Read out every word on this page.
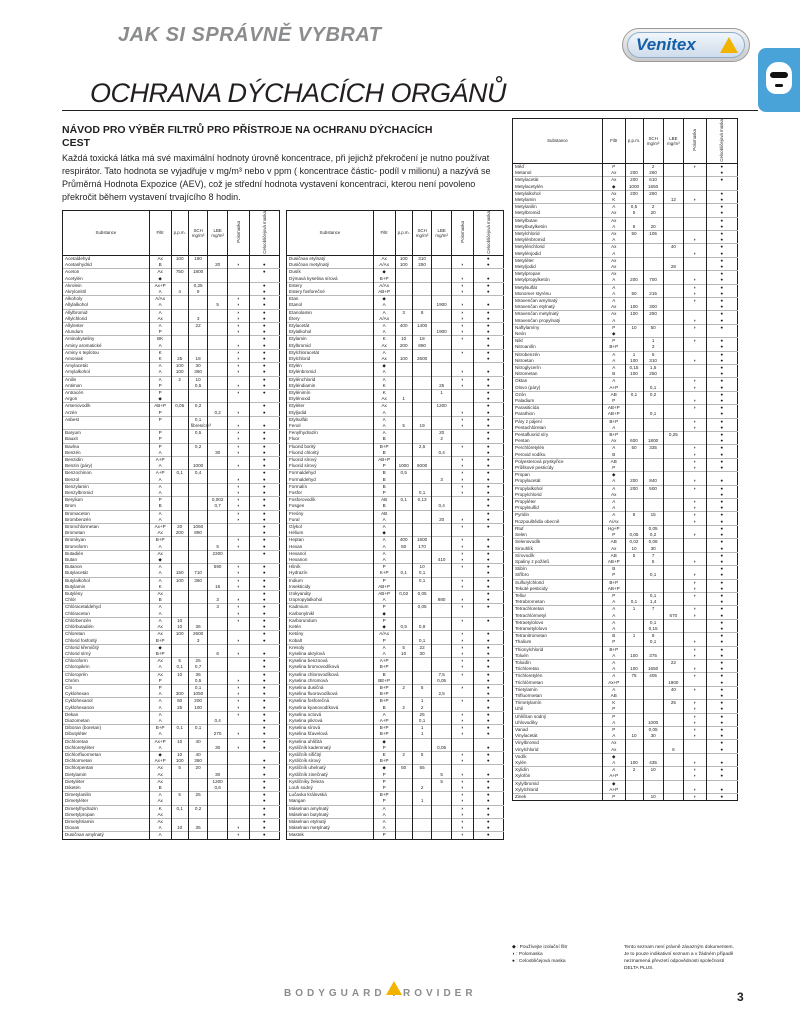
JAK SI SPRÁVNĚ VYBRAT	Venitex
OCHRANA DÝCHACÍCH ORGÁNŮ
NÁVOD PRO VÝBĚR FILTRŮ PRO PŘÍSTROJE NA OCHRANU DÝCHACÍCH CEST
Každá toxická látka má své maximální hodnoty úrovně koncentrace, při jejichž překročení je nutno používat respirátor. Tato hodnota se vyjadřuje v mg/m³ nebo v ppm ( koncentrace částic- podíl v milionu) a nazývá se Průměrná Hodnota Expozice (AEV), což je střední hodnota vystavení koncentraci, kterou není povoleno překročit během vystavení trvajícího 8 hodin.
Substance	Filtr	p.p.m.	SCH mg/m³	LBE mg/m³	Polomaska	Celoobličejová maska
Acetaldehyd	Ax	100	180			
Acetanhydrid	B			20	◗	●
Aceton	Ax	750	1800			●
Acetylén	◆					
Akrolein	Ax+P		0,25			●
Akrylonitril	A	4	9			●
Alkoholy	A/Ax				◗	●
Allylalkohol	A			5	◗	●
Allylbromid	A				◗	●
Allylchlorid	Ax		3		◗	●
Allylester	A		22		◗	●
Alundum	P				◗	●
Aminokyseliny	BK					●
Aminy aromatické	A				◗	●
Aminy s teplotou	K				◗	●
Amoniak	K	25	18		◗	●
Amylacetát	A	100	30		◗	●
Amylalkohol	A	100	360		◗	●
Anilin	A	2	10			●
Antimon	P		0,5		◗	●
Antracén	P				◗	●
Argon	◆					
Arsenovodík	AB+P	0,05	0,2			●
Arzén	P			0,2	◗	●
Asbest	P		0,1			
			fibres/cm³		◗	●
Baryum	P		0,5		◗	●
Bauxit	P				◗	●
Bavlna	P		0,2		◗	●
Benzén	A			30	◗	●
Benzidin	A+P					●
Benzin (páry)	A		1000		◗	●
Benzochinon	A+P	0,1	0,4			●
Benzol	A				◗	●
Benzylamin	A				◗	●
Benzylbromid	A				◗	●
Berylium	P			0,002	◗	●
Brom	B			0,7	◗	●
Bromaceton	A				◗	●
Brombenzén	A				◗	●
Bromchlormetan	Ax+P	20	1050			●
Brometan	Ax	200	890			●
Bromkyan	B+P				◗	●
Bromoform	A			5	◗	●
Butadién	Ax			2200		●
Butan	◆					
Butanon	A			590	◗	●
Butylacetát	A	150	710		◗	●
Butylalkohol	A	100	360		◗	●
Butylamin	K			15	◗	●
Butylény	Ax					●
Chlór	B			3	◗	●
Chlóracetaldehyd	A			3	◗	●
Chlóraceton	A				◗	●
Chlórbenzén	A	10			◗	●
Chlórbutadién	Ax	10	36			●
Chloretan	Ax	100	2600			●
Chlorid fosforitý	B+P		3		◗	●
Chlorid křemičitý	◆					
Chlorid sírný	B+P			6	◗	●
Chloroform	Ax	5	25			●
Chloropikrin	A	0,1	0,7			●
Chloroprén	Ax	10	36			●
Chróm	P		0,5		◗	●
Cín	P		0,1		◗	●
Cyklohexan	A	300	1050		◗	●
Cyklohexanol	A	50	200		◗	●
Cyklohexanon	A	25	100		◗	●
Dekan	A				◗	●
Diazometan	A			0,4		●
Diboran (boretan)	B+P	0,1	0,1			●
Dibutyléter	A			270	◗	●
Dichloretan	Ax+P	10	40			●
Dichloretyléter	A			30	◗	●
Dichlorfluormetan	◆	10	40			
Dichlormetan	Ax+P	100	360			●
Dichlorpentan	Ax	5	20			●
Dietylamin	Ax			30		●
Dietyléter	Ax			1200		●
Diketén	B			0,6		●
Dimetylanilin	A	5	25			●
Dimetyléter	Ax					●
Dimetylhydrazin	K	0,1	0,2			●
Dimetylpropan	Ax					●
Dimetyltriamin	Ax					●
Dioxan	A	10	35		◗	●
Dusičnan amylnatý	A				◗	●
Substance	Filtr	p.p.m.	SCH mg/m³	LBE mg/m³	Polomaska	Celoobličejová maska
Dusičnan etylnatý	Ax	100	310			●
Dusičnan metylnatý	A/Ax	100	250		◗	●
Dusík	◆					
Dýmavá kyselina sírová	B+P				◗	●
Estery	A/Ax				◗	●
Estery fosforečné	AB+P				◗	●
Etan	◆					
Etanol	A			1900	◗	●
Etanolamin	A	3	8		◗	●
Étery	A/Ax				◗	●
Etylacetát	A	400	1400		◗	●
Etylalkohol	A			1900	◗	●
Etylamin	K	10	18		◗	●
Etylbromid	Ax	200	890			●
Etylchloracetát	A				◗	●
Etylchlorid	Ax	100	2600			●
Etylén	◆					
Etylénbromid	A				◗	●
Etylénchlorid	A				◗	●
Etyléndiamin	K			25	◗	●
Etylénimín	K			1		●
Etylénoxid	Ax	1				●
Etyléter	Ax			1200		●
Etyljodid	A				◗	●
Etylsulfát	A				◗	●
Fenol	A	5	19		◗	●
Fenylhydrazín	A			20		●
Fluor	B			2		●
Fluorid boritý	B+P		2,5		◗	●
Fluorid chloritý	B			0,4		●
Fluorid sírový	AB+P				◗	●
Fluorid sírový	P	1000	6000		◗	●
Formaldehyd	B	0,5			◗	●
Formaldehyd	B			3	◗	●
Formalín	B				◗	●
Fosfor	P		0,1		◗	●
Fosforovodík	AB	0,1	0,13			●
Fosgen	B			0,4		●
Freóny	AB					●
Fural	A			20	◗	●
Glykol	A				◗	●
Hélium	◆					
Heptan	A	400	1600		◗	●
Hexan	A	50	170		◗	●
Hexanol	A				◗	●
Hexanon	A			410	◗	●
Hliník	P		10		◗	●
Hydrazín	K+P	0,1	0,1			●
Indium	P		0,1		◗	●
Insekticidy	AB+P				◗	●
Izokyanáty	AB+P	0,02	0,05			●
Izopropylalkohol	A			980	◗	●
Kadmium	P		0,05		◗	●
Karbonylnikl	◆					
Karborundum	P				◗	●
Ketén	◆	0,5	0,9			
Ketóny	A/Ax				◗	●
Kobalt	P		0,1		◗	●
Kresoly	A	5	22		◗	●
Kyselina akrylová	A	10	30		◗	●
Kyselina benzoová	A+P				◗	●
Kyselina bromovodíková	B+P				◗	●
Kyselina chlorovodíková	B			7,5	◗	●
Kyselina chromová	BE+P			0,05		●
Kyselina dusičná	B+P	2	5		◗	●
Kyselina fluorovodíková	B+P			2,5		●
Kyselina fosforečná	B+P		1		◗	●
Kyselina kyanovodíková	B	2	2			●
Kyselina octová	A		25		◗	●
Kyselina pikrová	A+P		0,1		◗	●
Kyselina sírová	B+P		1		◗	●
Kyselina šťavelová	B+P		1		◗	●
Kyselina uhličitá	◆					
Kysličník kademnatý	P			0,05		●
Kysličník siřičitý	E	2	5		◗	●
Kysličník sírový	B+P				◗	●
Kysličník uhelnatý	◆	50	55			
Kysličník zinečnatý	P			5	◗	●
Kysličníky železa	P			5	◗	●
Louh sodný	P		2		◗	●
Lučavka královská	B+P				◗	●
Mangan	P		1		◗	●
Máselnan amylnatý	A				◗	●
Máselnan butylnatý	A				◗	●
Máselnan etylnatý	A				◗	●
Máselnan metylnatý	A				◗	●
Mastek	P				◗	●
Substance	Filtr	p.p.m.	SCH mg/m³	LBE mg/m³	Polomaska	Celoobličejová maska
Měď	P		2		◗	●
Metanol	Ax	200	260			●
Metylacetát	Ax	200	610			●
Metylacetylén	◆	1000	1650			
Metylalkohol	Ax	200	260			●
Metylamin	K			12	◗	●
Metylanilin	A	0,5	2			●
Metylbromid	Ax	5	20			●
Metylbutan	Ax					●
Metylbutylketón	A	5	20			●
Metylchlorid	Ax	50	105			●
Metylénbromid	A				◗	●
Metylénchlorid	Ax			40		●
Metylénjodid	A				◗	●
Metyléter	Ax					●
Metyljodid	Ax			28		●
Metylpropan	Ax					●
Metylpropylketón	A	200	700		◗	●
Metylsulfát	A				◗	●
Monomer styrénu	A	50	215		◗	●
Mravenčan amylnatý	A				◗	●
Mravenčan etylnatý	Ax	100	300			●
Mravenčan metylnatý	Ax	100	250			●
Mravenčan propylnatý	A				◗	●
Naftylamíny	P	10	50		◗	●
Neón	◆					
Nikl	P		1		◗	●
Nitroanilín	B+P		3			●
Nitrobenzén	A	1	5			●
Nitroetan	A	100	310		◗	●
Nitroglycerín	A	0,15	1,5			●
Nitrometan	B	100	250			●
Oktan	A				◗	●
Olovo (páry)	A+P		0,1		◗	●
Ozón	AB	0,1	0,2			●
Paladium	P				◗	●
Parasiticída	AB+P				◗	●
Parathion	AB+P		0,1			●
Páry z pájení	B+P				◗	●
Pentachlóretan	A				◗	●
Pentafluorid síry	B+P			0,25		●
Pentan	Ax	600	1800			●
Perchlóretylén	A	50	335		◗	●
Peroxid vodíku	B				◗	●
Polyesterová pryskyřice	AB				◗	●
Průškové pesticídy	P				◗	●
Propan	◆					
Propylacetát	A	200	840		◗	●
Propylalkohol	A	200	500		◗	●
Propylchlorid	Ax					●
Propyléter	A				◗	●
Propylsulfid	A				◗	●
Pyridin	A	5	15		◗	●
Rozpouštědla obecně	A/Ax				◗	●
Rtuť	Hg+P		0,05			●
Selen	P	0,05	0,2		◗	●
Selenovodík	AB	0,02	0,08			●
Sirouhlík	Ax	10	30			●
Sírovodík	AB	5	7			●
Spaliny z požárů	AB+P		5		◗	●
Stibín	B					●
Stříbro	P		0,1		◗	●
Sulfurylchlorid	B+P				◗	●
Tekuté pesticidy	AB+P				◗	●
Tellur	P		0,1		◗	●
Tetrabrometan	A	0,1	1,4			●
Tetrachloretan	A	1	7		◗	●
Tetrachlórmetyl	A			670	◗	●
Tetraetylolovo	A		0,1			●
Tetrametylolovo	A		0,15			●
Tetranitrometan	B	1	8			●
Thalium	P		0,1		◗	●
Thionylchlorid	B+P				◗	●
Toluén	A	100	375		◗	●
Toluidín	A			22		●
Trichloretan	A	100	1650		◗	●
Trichloretylén	A	75	405		◗	●
Trichlórmetan	Ax+P			1900		●
Trietylamín	A			40	◗	●
Trifluormetan	AB					●
Trimetylamín	K			25	◗	●
Uhlí	P				◗	●
Uhličitan sodný	P				◗	●
Uhlovodíky	A		1000		◗	●
Vanad	P		0,05		◗	●
Vinylacetát	A	10	30		◗	●
Vinylbromid	Ax					●
Vinylchlorid	Ax			6		●
Vodík	◆					
Xylén	A	100	435		◗	●
Xylidín	A	2	10		◗	●
Xylofón	A+P				◗	●
Xylylbromid	◆					
Xylylchlorid	A+P				◗	●
Zinek	P		10		◗	●
◆ : Používejte izolační filtr
◗ : Polomaska
● : Celoobličejová maska
Tento seznam není právně závazným dokumentem. Je to pouze indikativní seznam a v žádném případě nezmamená převzetí odpovědnosti společností DELTA PLUS.
BODYGUARD PROVIDER	3
